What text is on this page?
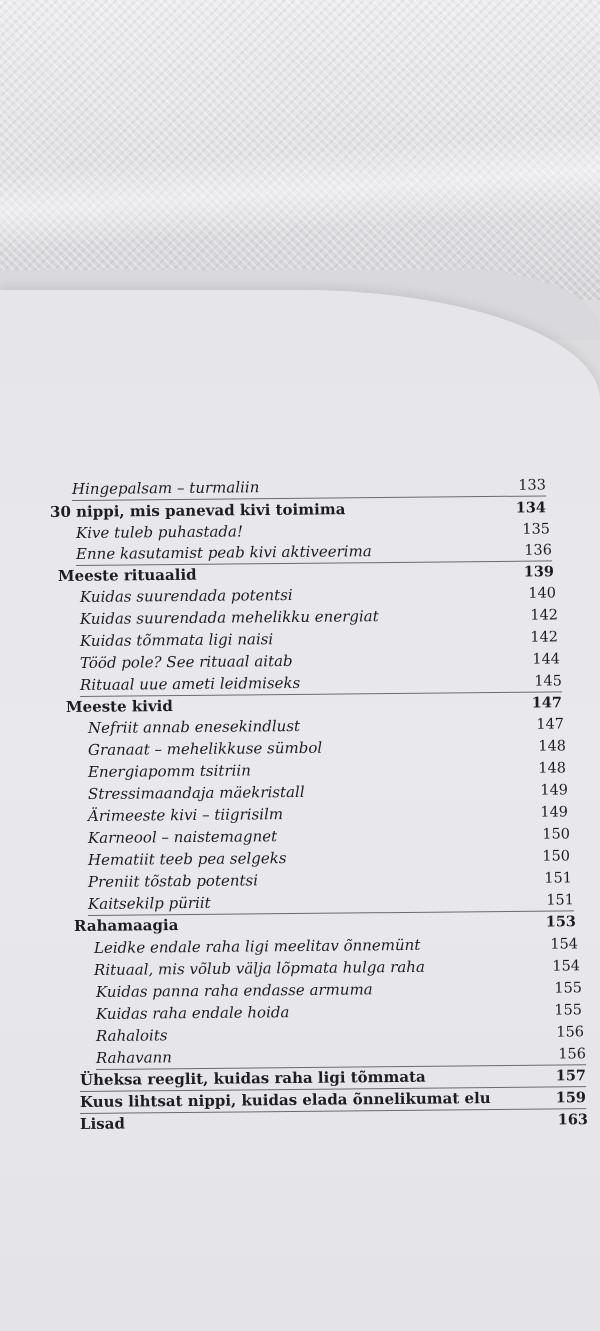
Hingepalsam – turmaliin	133
30 nippi, mis panevad kivi toimima	134
Kive tuleb puhastada!	135
Enne kasutamist peab kivi aktiveerima	136
Meeste rituaalid	139
Kuidas suurendada potentsi	140
Kuidas suurendada mehelikku energiat	142
Kuidas tõmmata ligi naisi	142
Tööd pole? See rituaal aitab	144
Rituaal uue ameti leidmiseks	145
Meeste kivid	147
Nefriit annab enesekindlust	147
Granaat – mehelikkuse sümbol	148
Energiapomm tsitriin	148
Stressimaandaja mäekristall	149
Ärimeeste kivi – tiigrisilm	149
Karneool – naistemagnet	150
Hematiit teeb pea selgeks	150
Preniit tõstab potentsi	151
Kaitsekilp püriit	151
Rahamaagia	153
Leidke endale raha ligi meelitav õnnemünt	154
Rituaal, mis võlub välja lõpmata hulga raha	154
Kuidas panna raha endasse armuma	155
Kuidas raha endale hoida	155
Rahaloits	156
Rahavann	156
Üheksa reeglit, kuidas raha ligi tõmmata	157
Kuus lihtsat nippi, kuidas elada õnnelikumat elu	159
Lisad	163
